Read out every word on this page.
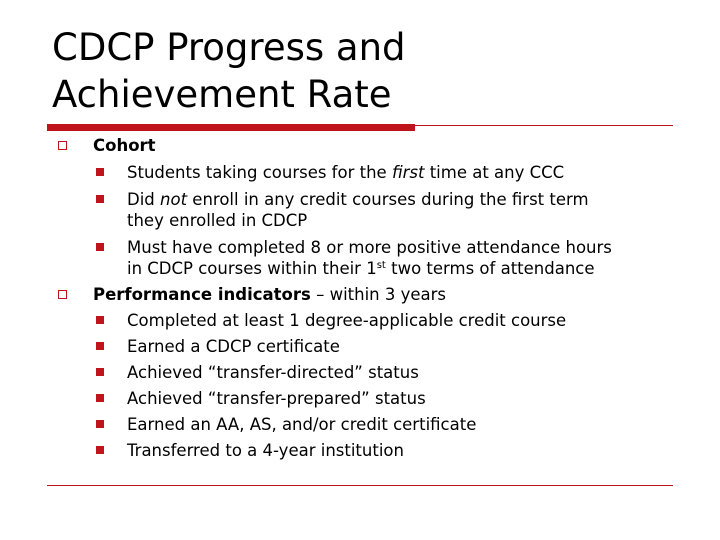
CDCP Progress and
Achievement Rate
Cohort
Students taking courses for the first time at any CCC
Did not enroll in any credit courses during the first term
they enrolled in CDCP
Must have completed 8 or more positive attendance hours
in CDCP courses within their 1st two terms of attendance
Performance indicators – within 3 years
Completed at least 1 degree-applicable credit course
Earned a CDCP certificate
Achieved “transfer-directed” status
Achieved “transfer-prepared” status
Earned an AA, AS, and/or credit certificate
Transferred to a 4-year institution
